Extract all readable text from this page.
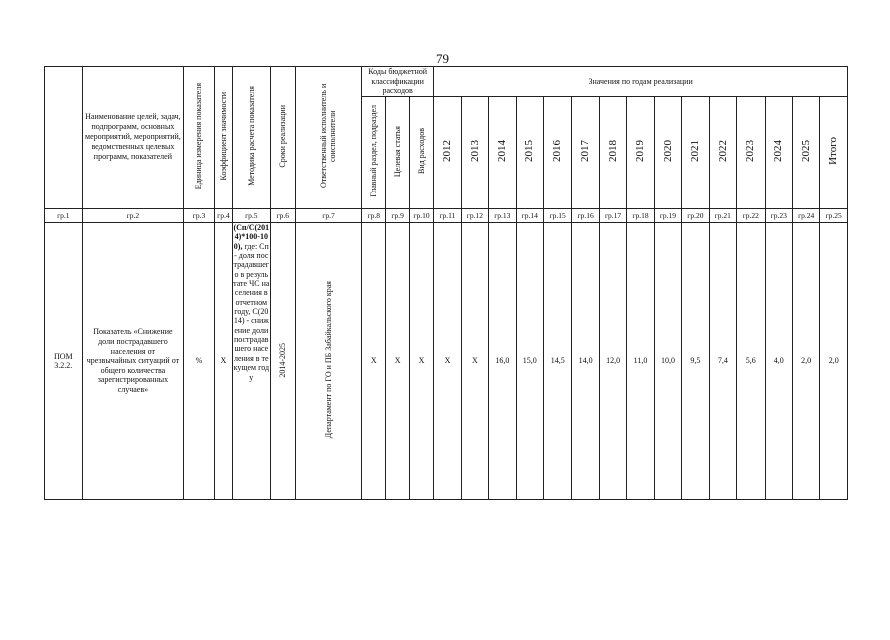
79
	Наименование целей, задач, подпрограмм, основных мероприятий, мероприятий, ведомственных целевых программ, показателей	Единица измерения показателя	Коэффициент значимости	Методика расчета показателя	Сроки реализации	Ответственный исполнитель и соисполнители	Коды бюджетной классификации расходов			Значения по годам реализации														
							Главный раздел, подраздел	Целевая статья	Вид расходов	2012	2013	2014	2015	2016	2017	2018	2019	2020	2021	2022	2023	2024	2025	Итого
гр.1	гр.2	гр.3	гр.4	гр.5	гр.6	гр.7	гр.8	гр.9	гр.10	гр.11	гр.12	гр.13	гр.14	гр.15	гр.16	гр.17	гр.18	гр.19	гр.20	гр.21	гр.22	гр.23	гр.24	гр.25
ПОМ 3.2.2.	Показатель «Снижение доли пострадавшего населения от чрезвычайных ситуаций от общего количества зарегистрированных случаев»	%	X	(Сп/С(2014)*100-100), где: Сп - доля пострадавшего в результате ЧС населения в отчетном году, С(2014) - снижение доли пострадавшего населения в текущем году	2014-2025	Департамент по ГО и ПБ Забайкальского края	X	X	X	X	X	16,0	15,0	14,5	14,0	12,0	11,0	10,0	9,5	7,4	5,6	4,0	2,0	2,0
